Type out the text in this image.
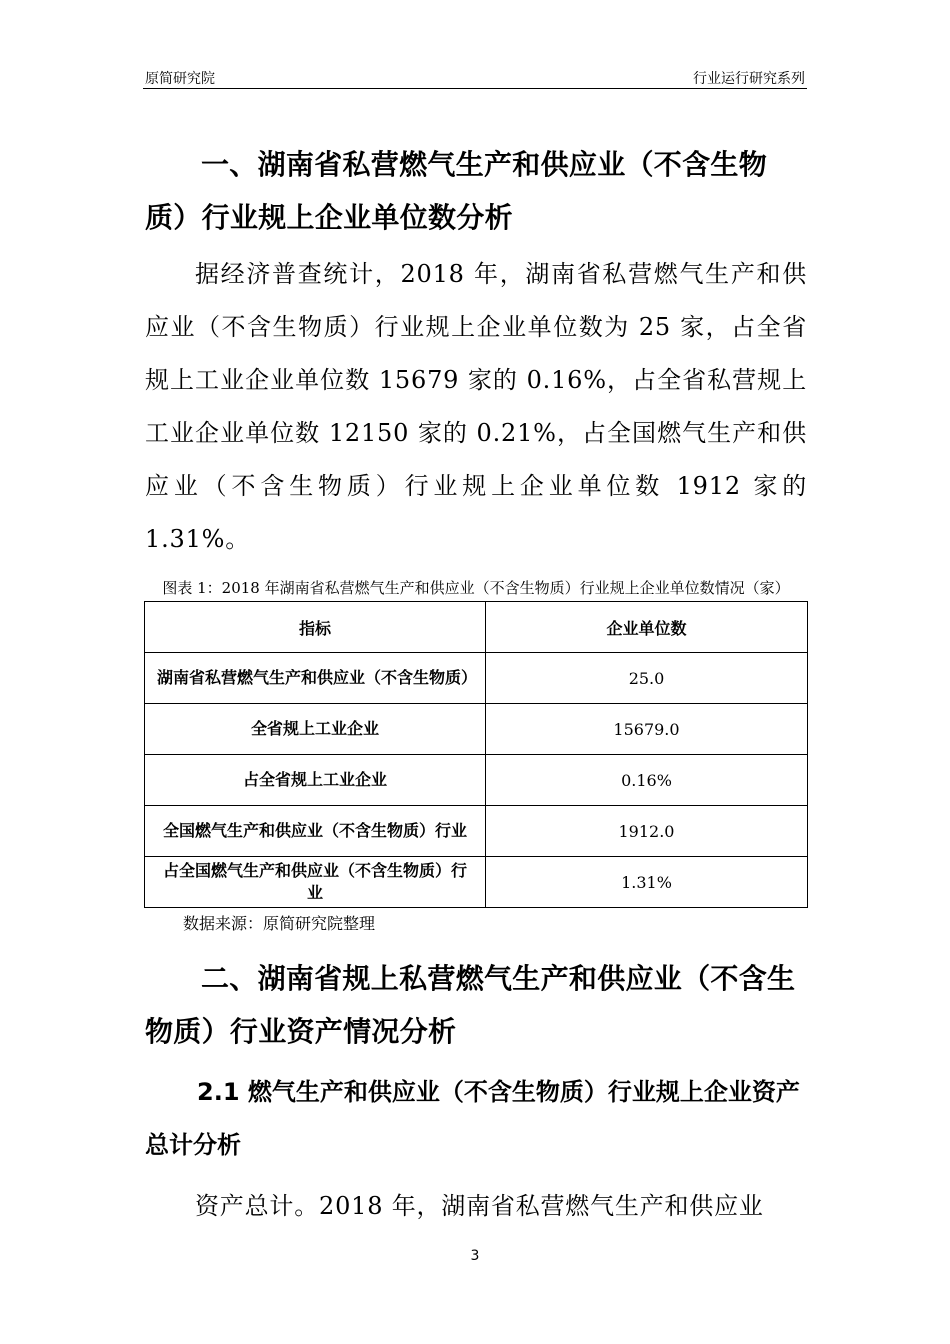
原简研究院	行业运行研究系列

一、湖南省私营燃气生产和供应业（不含生物质）行业规上企业单位数分析

据经济普查统计，2018 年，湖南省私营燃气生产和供应业（不含生物质）行业规上企业单位数为 25 家，占全省规上工业企业单位数 15679 家的 0.16%，占全省私营规上工业企业单位数 12150 家的 0.21%，占全国燃气生产和供应业（不含生物质）行业规上企业单位数 1912 家的 1.31%。

图表 1：2018 年湖南省私营燃气生产和供应业（不含生物质）行业规上企业单位数情况（家）
指标	企业单位数
湖南省私营燃气生产和供应业（不含生物质）	25.0
全省规上工业企业	15679.0
占全省规上工业企业	0.16%
全国燃气生产和供应业（不含生物质）行业	1912.0
占全国燃气生产和供应业（不含生物质）行业	1.31%
数据来源：原简研究院整理

二、湖南省规上私营燃气生产和供应业（不含生物质）行业资产情况分析

2.1 燃气生产和供应业（不含生物质）行业规上企业资产总计分析

资产总计。2018 年，湖南省私营燃气生产和供应业

3
